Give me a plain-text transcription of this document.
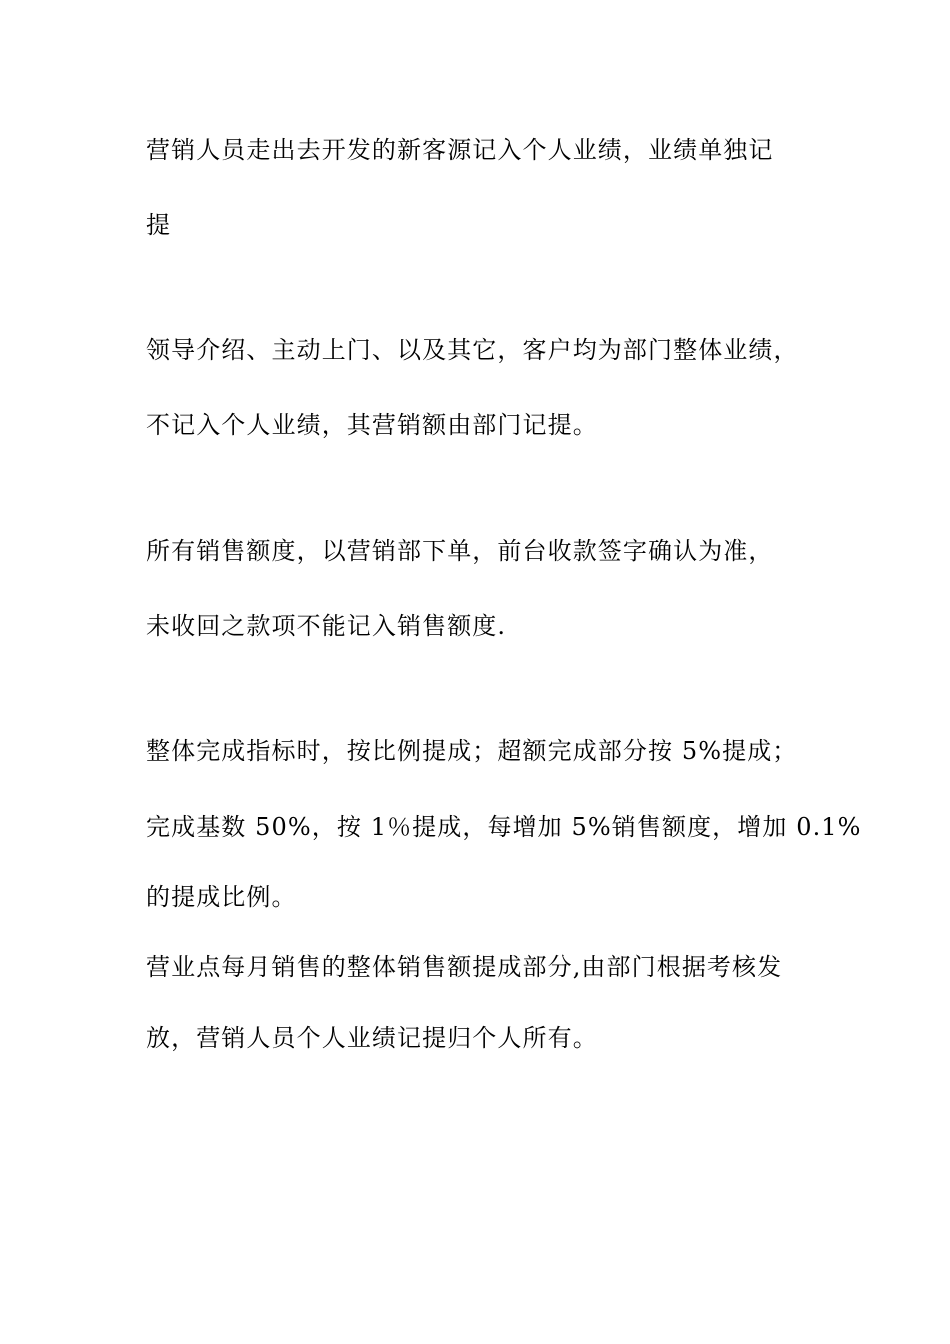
营销人员走出去开发的新客源记入个人业绩，业绩单独记
提
领导介绍、主动上门、以及其它，客户均为部门整体业绩，
不记入个人业绩，其营销额由部门记提。
所有销售额度，以营销部下单，前台收款签字确认为准，
未收回之款项不能记入销售额度.
整体完成指标时，按比例提成；超额完成部分按 5%提成；
完成基数 50%，按 1％提成，每增加 5%销售额度，增加 0.1%
的提成比例。
营业点每月销售的整体销售额提成部分,由部门根据考核发
放，营销人员个人业绩记提归个人所有。
